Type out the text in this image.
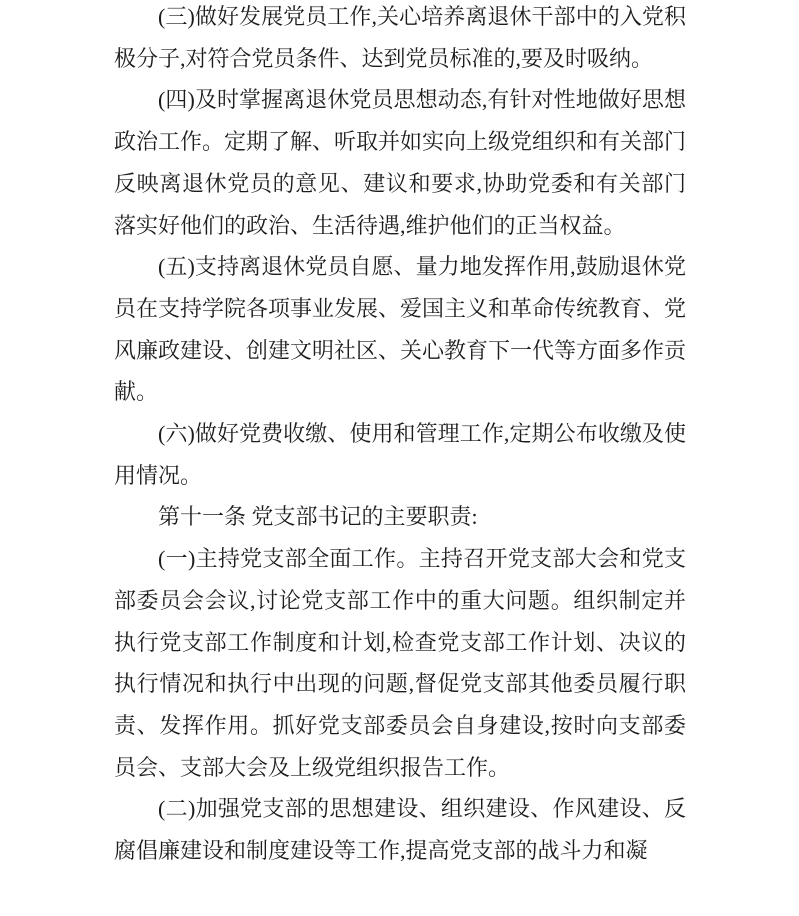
(三)做好发展党员工作,关心培养离退休干部中的入党积极分子,对符合党员条件、达到党员标准的,要及时吸纳。

(四)及时掌握离退休党员思想动态,有针对性地做好思想政治工作。定期了解、听取并如实向上级党组织和有关部门反映离退休党员的意见、建议和要求,协助党委和有关部门落实好他们的政治、生活待遇,维护他们的正当权益。

(五)支持离退休党员自愿、量力地发挥作用,鼓励退休党员在支持学院各项事业发展、爱国主义和革命传统教育、党风廉政建设、创建文明社区、关心教育下一代等方面多作贡献。

(六)做好党费收缴、使用和管理工作,定期公布收缴及使用情况。

第十一条 党支部书记的主要职责:

(一)主持党支部全面工作。主持召开党支部大会和党支部委员会会议,讨论党支部工作中的重大问题。组织制定并执行党支部工作制度和计划,检查党支部工作计划、决议的执行情况和执行中出现的问题,督促党支部其他委员履行职责、发挥作用。抓好党支部委员会自身建设,按时向支部委员会、支部大会及上级党组织报告工作。

(二)加强党支部的思想建设、组织建设、作风建设、反腐倡廉建设和制度建设等工作,提高党支部的战斗力和凝
